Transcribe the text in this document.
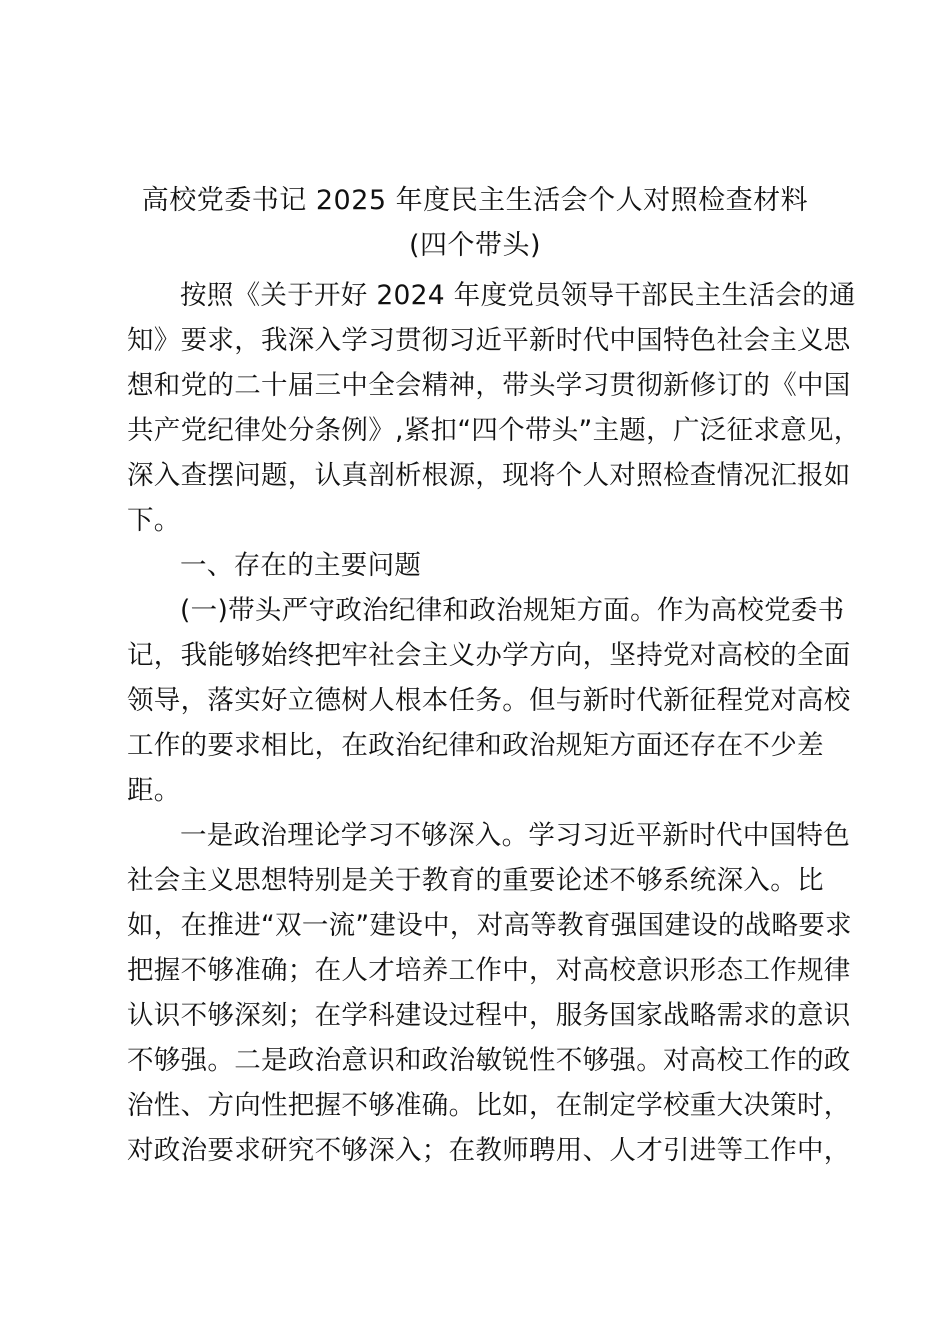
高校党委书记 2025 年度民主生活会个人对照检查材料
(四个带头)
按照《关于开好 2024 年度党员领导干部民主生活会的通
知》要求，我深入学习贯彻习近平新时代中国特色社会主义思
想和党的二十届三中全会精神，带头学习贯彻新修订的《中国
共产党纪律处分条例》,紧扣“四个带头”主题，广泛征求意见，
深入查摆问题，认真剖析根源，现将个人对照检查情况汇报如
下。
一、存在的主要问题
(一)带头严守政治纪律和政治规矩方面。作为高校党委书
记，我能够始终把牢社会主义办学方向，坚持党对高校的全面
领导，落实好立德树人根本任务。但与新时代新征程党对高校
工作的要求相比，在政治纪律和政治规矩方面还存在不少差
距。
一是政治理论学习不够深入。学习习近平新时代中国特色
社会主义思想特别是关于教育的重要论述不够系统深入。比
如，在推进“双一流”建设中，对高等教育强国建设的战略要求
把握不够准确；在人才培养工作中，对高校意识形态工作规律
认识不够深刻；在学科建设过程中，服务国家战略需求的意识
不够强。二是政治意识和政治敏锐性不够强。对高校工作的政
治性、方向性把握不够准确。比如，在制定学校重大决策时，
对政治要求研究不够深入；在教师聘用、人才引进等工作中，
